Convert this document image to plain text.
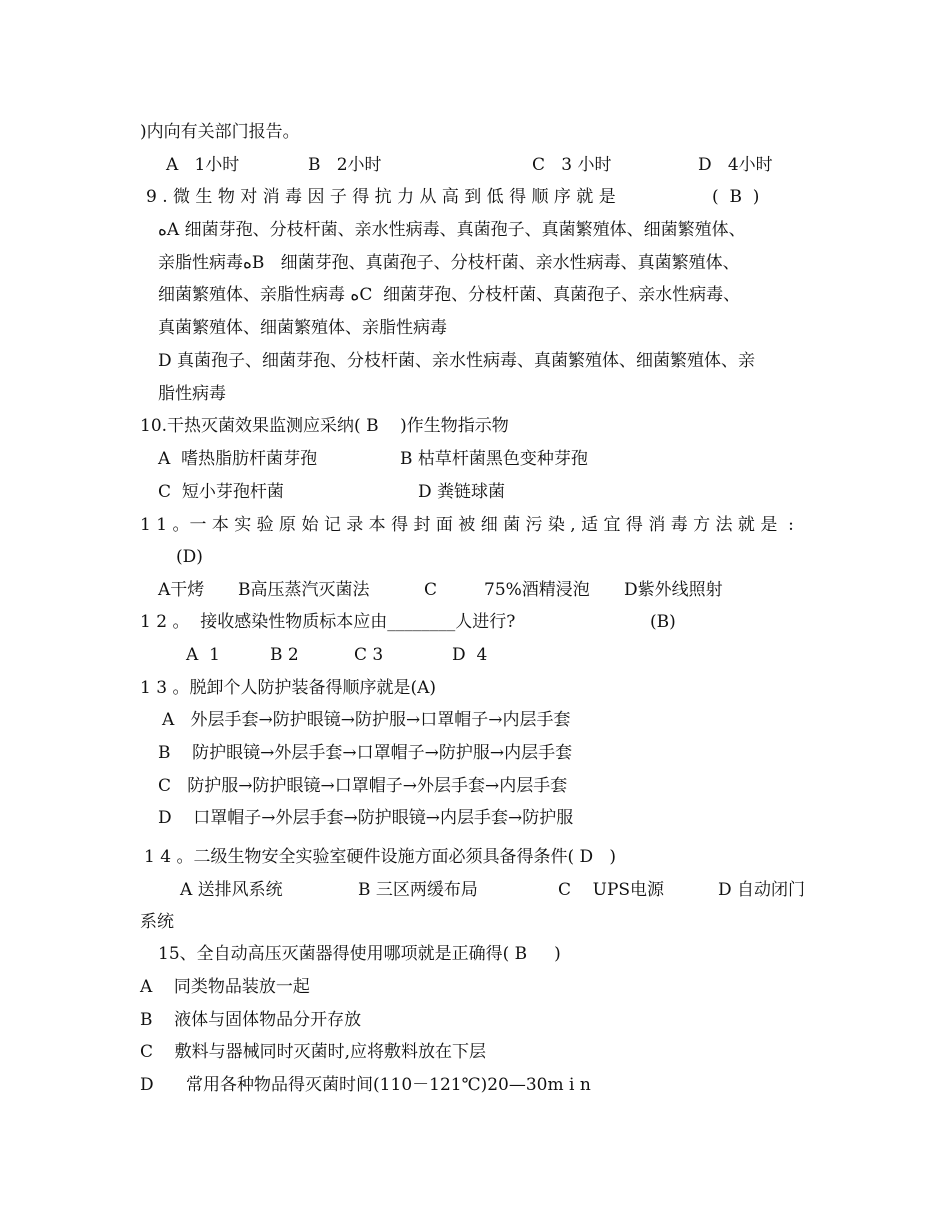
)内向有关部门报告。
A   1小时	B   2小时	C   3 小时	D   4小时
9 . 微 生 物 对 消 毒 因 子 得 抗 力 从 高 到 低 得 顺 序 就 是	(  B  )
ﻩA 细菌芽孢、分枝杆菌、亲水性病毒、真菌孢子、真菌繁殖体、细菌繁殖体、
亲脂性病毒ﻩB   细菌芽孢、真菌孢子、分枝杆菌、亲水性病毒、真菌繁殖体、
细菌繁殖体、亲脂性病毒 ﻩC  细菌芽孢、分枝杆菌、真菌孢子、亲水性病毒、
真菌繁殖体、细菌繁殖体、亲脂性病毒
D 真菌孢子、细菌芽孢、分枝杆菌、亲水性病毒、真菌繁殖体、细菌繁殖体、亲
脂性病毒
10.干热灭菌效果监测应采纳( B    )作生物指示物
A  嗜热脂肪杆菌芽孢	B 枯草杆菌黑色变种芽孢
C  短小芽孢杆菌	D 粪链球菌
1 1 。一 本 实 验 原 始 记 录 本 得 封 面 被 细 菌 污 染 , 适 宜 得 消 毒 方 法 就 是  :
(D)
A干烤 B高压蒸汽灭菌法	C	75%酒精浸泡 D紫外线照射
1 2 。  接收感染性物质标本应由________人进行?	(B)
A  1	B 2	C 3	D  4
1 3 。脱卸个人防护装备得顺序就是(A)
A   外层手套→防护眼镜→防护服→口罩帽子→内层手套
B    防护眼镜→外层手套→口罩帽子→防护服→内层手套
C   防护服→防护眼镜→口罩帽子→外层手套→内层手套
D    口罩帽子→外层手套→防护眼镜→内层手套→防护服
1 4 。二级生物安全实验室硬件设施方面必须具备得条件( D   )
A 送排风系统	B 三区两缓布局	C    UPS电源	D 自动闭门
系统
15、全自动高压灭菌器得使用哪项就是正确得( B     )
A    同类物品装放一起
B    液体与固体物品分开存放
C    敷料与器械同时灭菌时,应将敷料放在下层
D      常用各种物品得灭菌时间(110－121℃)20—30m i n
